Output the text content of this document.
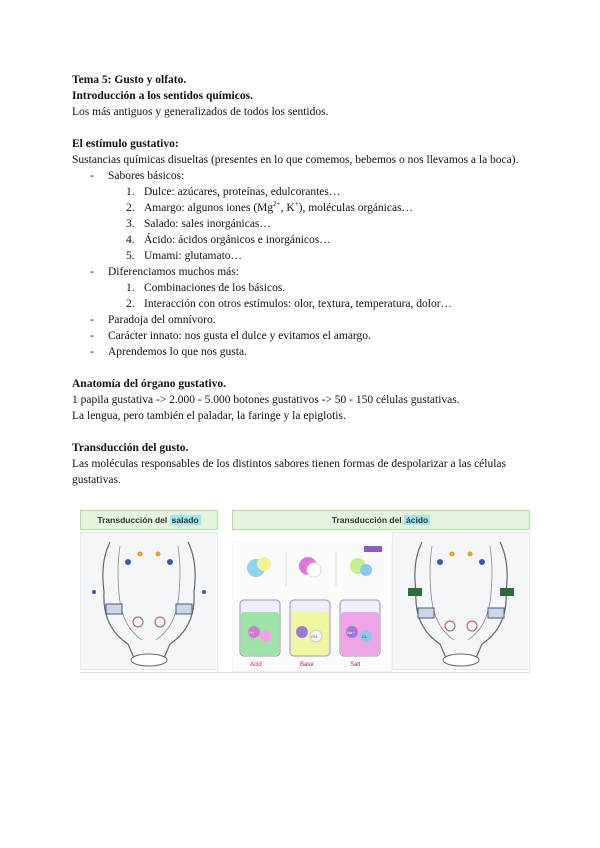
Tema 5: Gusto y olfato.

Introducción a los sentidos químicos.

Los más antiguos y generalizados de todos los sentidos.

El estímulo gustativo:

Sustancias químicas disueltas (presentes en lo que comemos, bebemos o nos llevamos a la boca).

- Sabores básicos:
1. Dulce: azúcares, proteínas, edulcorantes…
2. Amargo: algunos iones ($Mg^{2+}$, K+), moléculas orgánicas…
3. Salado: sales inorgánicas…
4. Ácido: ácidos orgánicos e inorgánicos…
5. Umami: glutamato…
- Diferenciamos muchos más:
1. Combinaciones de los básicos.
2. Interacción con otros estímulos: olor, textura, temperatura, dolor…
- Paradoja del omnívoro.
- Carácter innato: nos gusta el dulce y evitamos el amargo.
- Aprendemos lo que nos gusta.

Anatomía del órgano gustativo.

1 papila gustativa -> 2.000 - 5.000 botones gustativos -> 50 - 150 células gustativas.

La lengua, pero también el paladar, la faringe y la epiglotis.

Transducción del gusto.

Las moléculas responsables de los distintos sabores tienen formas de despolarizar a las células gustativas.

Transducción del salado	Transducción del ácido
Acid	Base	Salt
H+
OH-
Na+
Cl-
